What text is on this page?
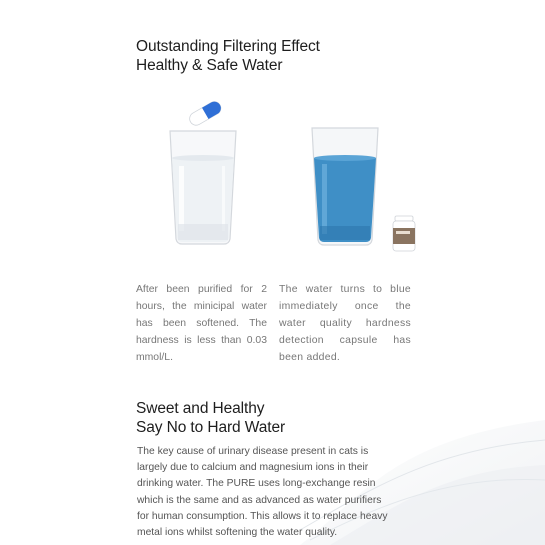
Outstanding Filtering Effect
Healthy & Safe Water
After been purified for 2 hours, the minicipal water has been softened. The hardness is less than 0.03 mmol/L.
The water turns to blue immediately once the water quality hardness detection capsule has been added.
Sweet and Healthy
Say No to Hard Water
The key cause of urinary disease present in cats is largely due to calcium and magnesium ions in their drinking water. The PURE uses long-exchange resin which is the same and as advanced as water purifiers for human consumption. This allows it to replace heavy metal ions whilst softening the water quality.
